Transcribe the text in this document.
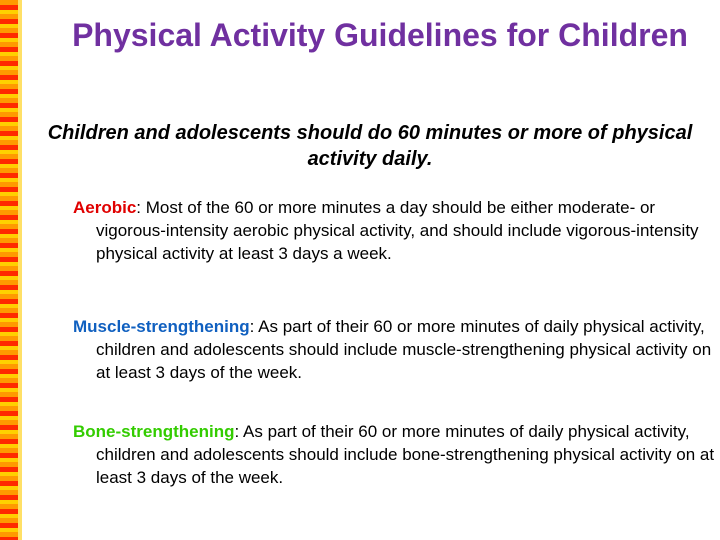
Physical Activity Guidelines for Children
Children and adolescents should do 60 minutes or more of physical activity daily.
Aerobic: Most of the 60 or more minutes a day should be either moderate- or vigorous-intensity aerobic physical activity, and should include vigorous-intensity physical activity at least 3 days a week.
Muscle-strengthening: As part of their 60 or more minutes of daily physical activity, children and adolescents should include muscle-strengthening physical activity on at least 3 days of the week.
Bone-strengthening: As part of their 60 or more minutes of daily physical activity, children and adolescents should include bone-strengthening physical activity on at least 3 days of the week.
